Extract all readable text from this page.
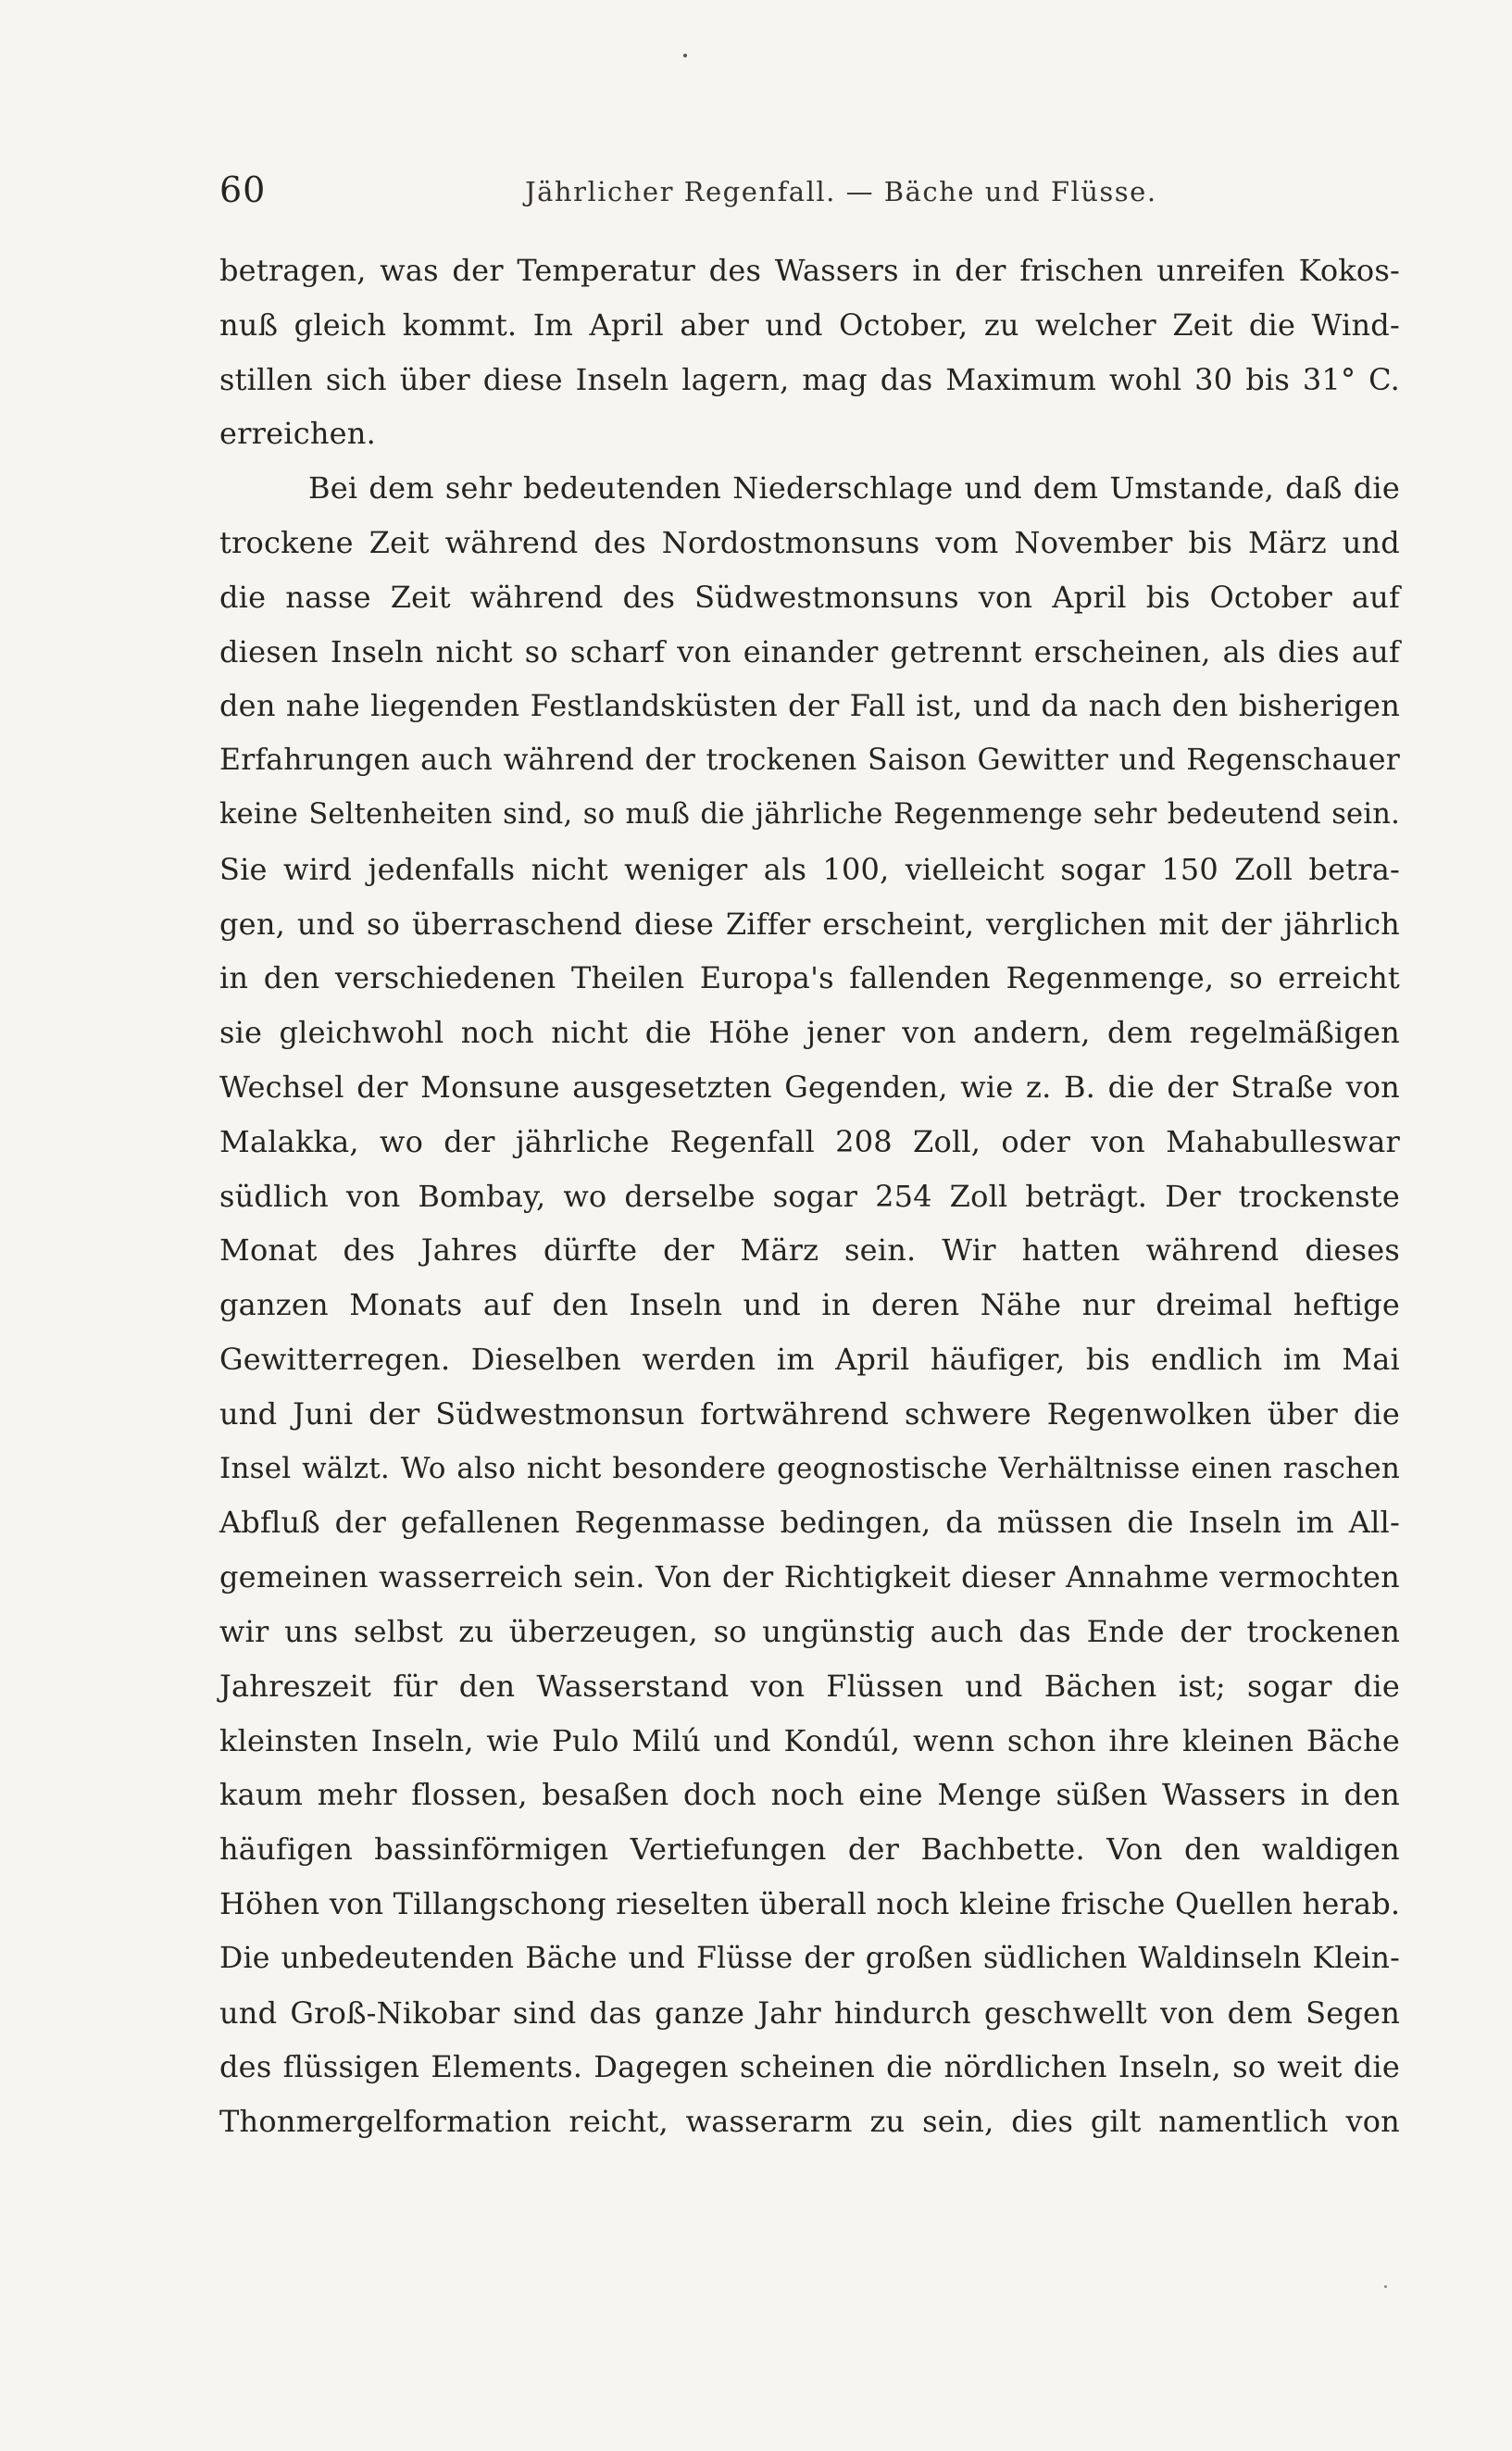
60	Jährlicher Regenfall. — Bäche und Flüsse.
betragen, was der Temperatur des Wassers in der frischen unreifen Kokos-
nuß gleich kommt. Im April aber und October, zu welcher Zeit die Wind-
stillen sich über diese Inseln lagern, mag das Maximum wohl 30 bis 31° C.
erreichen.
Bei dem sehr bedeutenden Niederschlage und dem Umstande, daß die
trockene Zeit während des Nordostmonsuns vom November bis März und
die nasse Zeit während des Südwestmonsuns von April bis October auf
diesen Inseln nicht so scharf von einander getrennt erscheinen, als dies auf
den nahe liegenden Festlandsküsten der Fall ist, und da nach den bisherigen
Erfahrungen auch während der trockenen Saison Gewitter und Regenschauer
keine Seltenheiten sind, so muß die jährliche Regenmenge sehr bedeutend sein.
Sie wird jedenfalls nicht weniger als 100, vielleicht sogar 150 Zoll betra-
gen, und so überraschend diese Ziffer erscheint, verglichen mit der jährlich
in den verschiedenen Theilen Europa's fallenden Regenmenge, so erreicht
sie gleichwohl noch nicht die Höhe jener von andern, dem regelmäßigen
Wechsel der Monsune ausgesetzten Gegenden, wie z. B. die der Straße von
Malakka, wo der jährliche Regenfall 208 Zoll, oder von Mahabulleswar
südlich von Bombay, wo derselbe sogar 254 Zoll beträgt. Der trockenste
Monat des Jahres dürfte der März sein. Wir hatten während dieses
ganzen Monats auf den Inseln und in deren Nähe nur dreimal heftige
Gewitterregen. Dieselben werden im April häufiger, bis endlich im Mai
und Juni der Südwestmonsun fortwährend schwere Regenwolken über die
Insel wälzt. Wo also nicht besondere geognostische Verhältnisse einen raschen
Abfluß der gefallenen Regenmasse bedingen, da müssen die Inseln im All-
gemeinen wasserreich sein. Von der Richtigkeit dieser Annahme vermochten
wir uns selbst zu überzeugen, so ungünstig auch das Ende der trockenen
Jahreszeit für den Wasserstand von Flüssen und Bächen ist; sogar die
kleinsten Inseln, wie Pulo Milú und Kondúl, wenn schon ihre kleinen Bäche
kaum mehr flossen, besaßen doch noch eine Menge süßen Wassers in den
häufigen bassinförmigen Vertiefungen der Bachbette. Von den waldigen
Höhen von Tillangschong rieselten überall noch kleine frische Quellen herab.
Die unbedeutenden Bäche und Flüsse der großen südlichen Waldinseln Klein-
und Groß-Nikobar sind das ganze Jahr hindurch geschwellt von dem Segen
des flüssigen Elements. Dagegen scheinen die nördlichen Inseln, so weit die
Thonmergelformation reicht, wasserarm zu sein, dies gilt namentlich von
